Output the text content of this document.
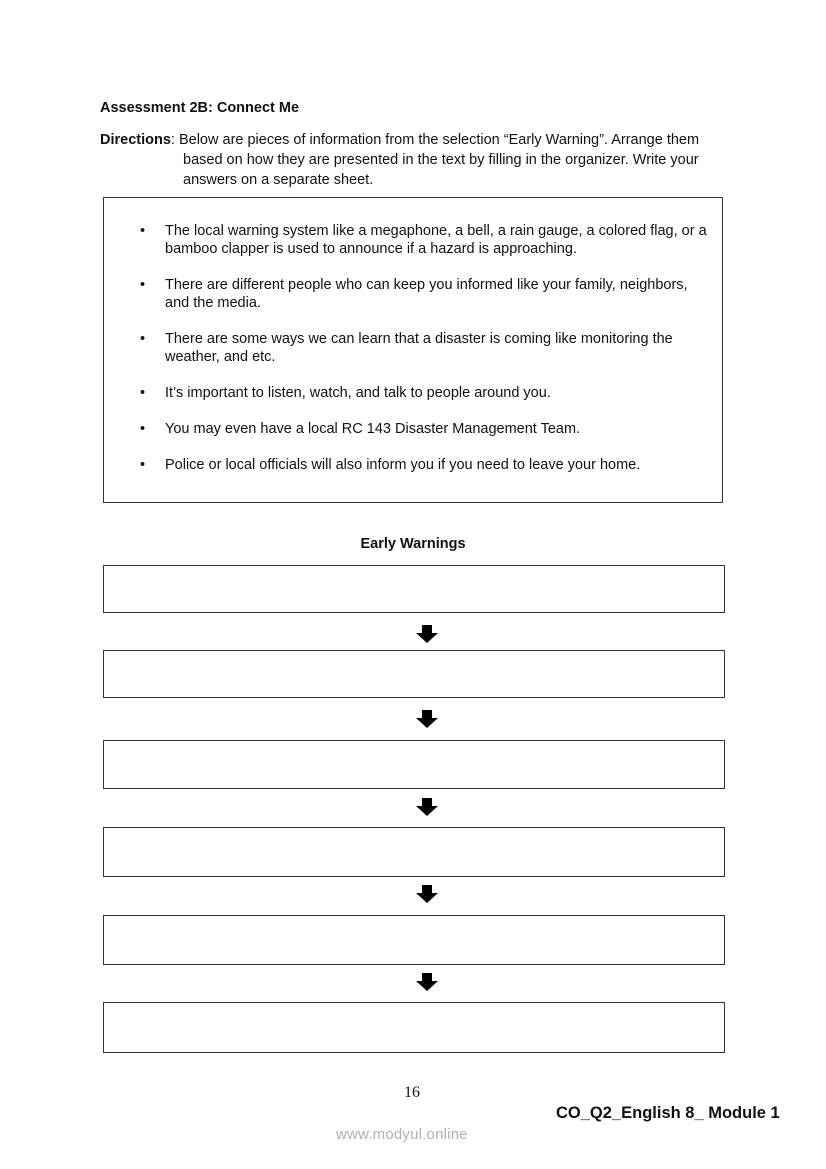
Assessment 2B: Connect Me
Directions: Below are pieces of information from the selection “Early Warning”. Arrange them
based on how they are presented in the text by filling in the organizer. Write your
answers on a separate sheet.
• The local warning system like a megaphone, a bell, a rain gauge, a colored flag, or a bamboo clapper is used to announce if a hazard is approaching.
• There are different people who can keep you informed like your family, neighbors, and the media.
• There are some ways we can learn that a disaster is coming like monitoring the weather, and etc.
• It’s important to listen, watch, and talk to people around you.
• You may even have a local RC 143 Disaster Management Team.
• Police or local officials will also inform you if you need to leave your home.
Early Warnings
16
CO_Q2_English 8_ Module 1
www.modyul.online
